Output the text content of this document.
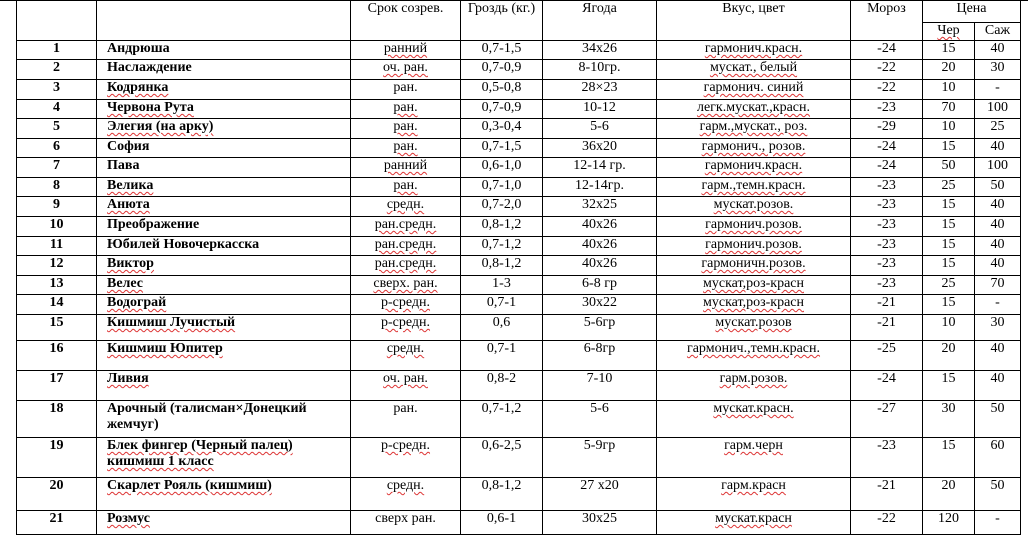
		Срок созрев.	Гроздь (кг.)	Ягода	Вкус, цвет	Мороз	Цена	
							Чер	Саж
1	Андрюша	ранний	0,7-1,5	34х26	гармонич.красн.	-24	15	40
2	Наслаждение	оч. ран.	0,7-0,9	8-10гр.	мускат., белый	-22	20	30
3	Кодрянка	ран.	0,5-0,8	28×23	гармонич. синий	-22	10	-
4	Червона Рута	ран.	0,7-0,9	10-12	легк.мускат.,красн.	-23	70	100
5	Элегия (на арку)	ран.	0,3-0,4	5-6	гарм.,мускат., роз.	-29	10	25
6	София	ран.	0,7-1,5	36х20	гармонич., розов.	-24	15	40
7	Пава	ранний	0,6-1,0	12-14 гр.	гармонич.красн.	-24	50	100
8	Велика	ран.	0,7-1,0	12-14гр.	гарм.,темн.красн.	-23	25	50
9	Анюта	средн.	0,7-2,0	32х25	мускат.розов.	-23	15	40
10	Преображение	ран.средн.	0,8-1,2	40х26	гармонич.розов.	-23	15	40
11	Юбилей Новочеркасска	ран.средн.	0,7-1,2	40х26	гармонич.розов.	-23	15	40
12	Виктор	ран.средн.	0,8-1,2	40х26	гармоничн.розов.	-23	15	40
13	Велес	сверх. ран.	1-3	6-8 гр	мускат,роз-красн	-23	25	70
14	Водограй	р-средн.	0,7-1	30х22	мускат,роз-красн	-21	15	-
15	Кишмиш Лучистый	р-средн.	0,6	5-6гр	мускат.розов	-21	10	30
16	Кишмиш Юпитер	средн.	0,7-1	6-8гр	гармонич.,темн.красн.	-25	20	40
17	Ливия	оч. ран.	0,8-2	7-10	гарм.розов.	-24	15	40
18	Арочный (талисман×Донецкий жемчуг)	ран.	0,7-1,2	5-6	мускат.красн.	-27	30	50
19	Блек фингер (Черный палец) кишмиш 1 класс	р-средн.	0,6-2,5	5-9гр	гарм.черн	-23	15	60
20	Скарлет Рояль (кишмиш)	средн.	0,8-1,2	27 х20	гарм.красн	-21	20	50
21	Розмус	сверх ран.	0,6-1	30х25	мускат.красн	-22	120	-
